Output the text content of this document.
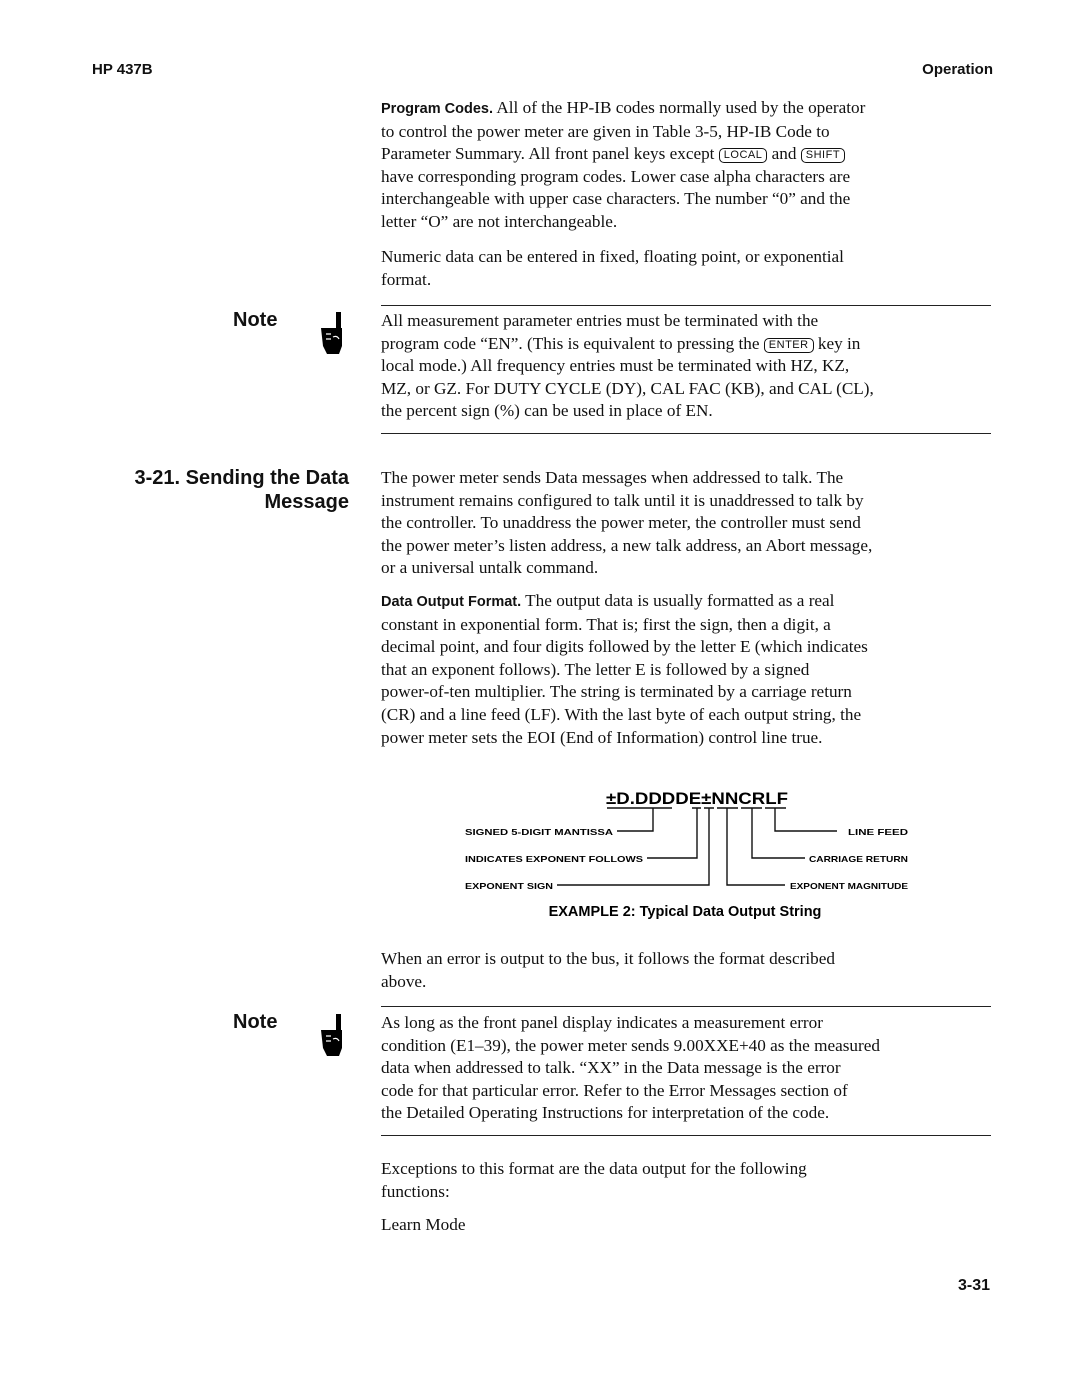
HP 437B	Operation
Program Codes. All of the HP-IB codes normally used by the operator
to control the power meter are given in Table 3-5, HP-IB Code to
Parameter Summary. All front panel keys except LOCAL and SHIFT
have corresponding program codes. Lower case alpha characters are
interchangeable with upper case characters. The number “0” and the
letter “O” are not interchangeable.
Numeric data can be entered in fixed, floating point, or exponential
format.
Note	All measurement parameter entries must be terminated with the
program code “EN”. (This is equivalent to pressing the ENTER key in
local mode.) All frequency entries must be terminated with HZ, KZ,
MZ, or GZ. For DUTY CYCLE (DY), CAL FAC (KB), and CAL (CL),
the percent sign (%) can be used in place of EN.
3-21. Sending the Data
Message
The power meter sends Data messages when addressed to talk. The
instrument remains configured to talk until it is unaddressed to talk by
the controller. To unaddress the power meter, the controller must send
the power meter’s listen address, a new talk address, an Abort message,
or a universal untalk command.
Data Output Format. The output data is usually formatted as a real
constant in exponential form. That is; first the sign, then a digit, a
decimal point, and four digits followed by the letter E (which indicates
that an exponent follows). The letter E is followed by a signed
power-of-ten multiplier. The string is terminated by a carriage return
(CR) and a line feed (LF). With the last byte of each output string, the
power meter sets the EOI (End of Information) control line true.
±D.DDDDE±NNCRLF
SIGNED 5-DIGIT MANTISSA
INDICATES EXPONENT FOLLOWS
EXPONENT SIGN
LINE FEED
CARRIAGE RETURN
EXPONENT MAGNITUDE
EXAMPLE 2: Typical Data Output String
When an error is output to the bus, it follows the format described
above.
Note	As long as the front panel display indicates a measurement error
condition (E1–39), the power meter sends 9.00XXE+40 as the measured
data when addressed to talk. “XX” in the Data message is the error
code for that particular error. Refer to the Error Messages section of
the Detailed Operating Instructions for interpretation of the code.
Exceptions to this format are the data output for the following
functions:
Learn Mode
3-31
